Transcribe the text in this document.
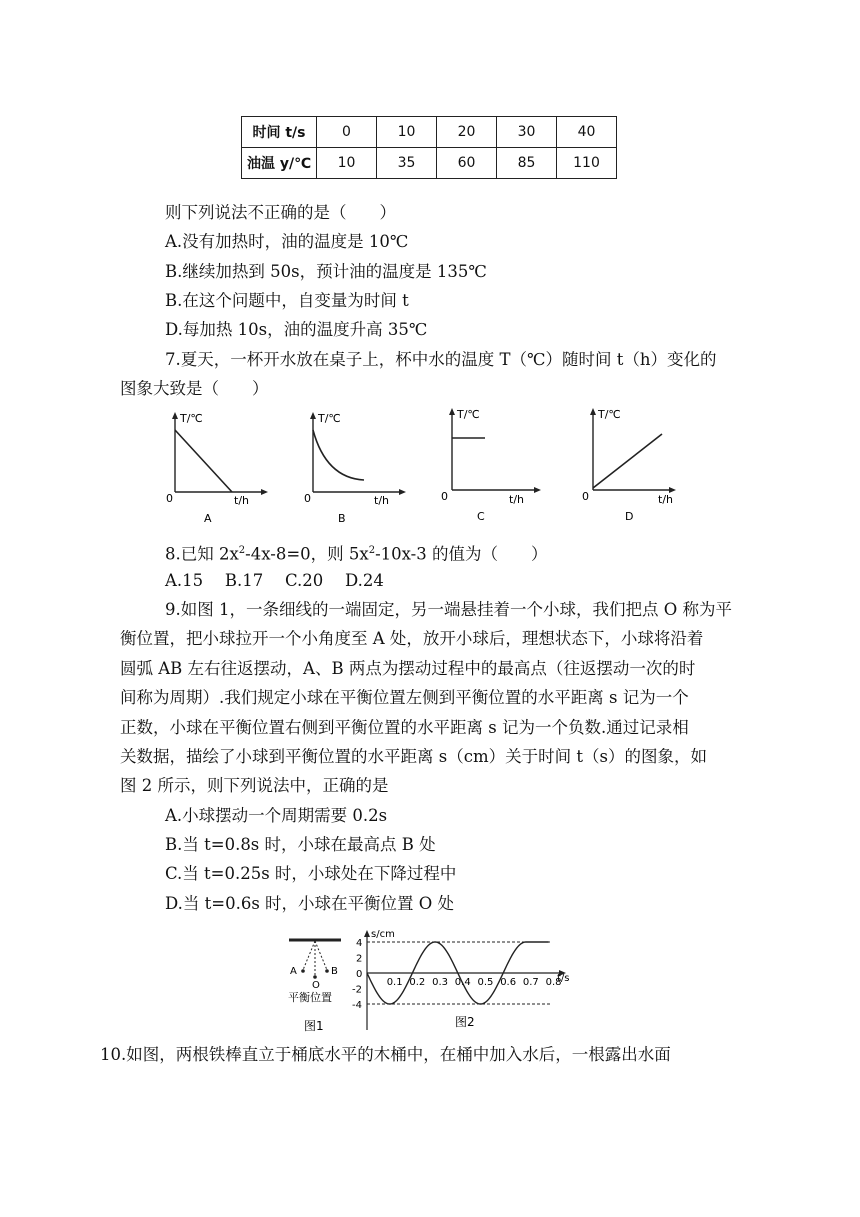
时间 t/s	0	10	20	30	40
油温 y/℃	10	35	60	85	110
则下列说法不正确的是（　　）
A.没有加热时，油的温度是 10℃
B.继续加热到 50s，预计油的温度是 135℃
B.在这个问题中，自变量为时间 t
D.每加热 10s，油的温度升高 35℃
7.夏天，一杯开水放在桌子上，杯中水的温度 T（℃）随时间 t（h）变化的
图象大致是（　　）
T/℃
t/h
0
A
T/℃
t/h
0
B
T/℃
t/h
0
C
T/℃
t/h
0
D
8.已知 $2x^2-4x-8=0$，则 $5x^2-10x-3$ 的值为（　　）
A.15　 B.17　 C.20　 D.24
9.如图 1，一条细线的一端固定，另一端悬挂着一个小球，我们把点 O 称为平
衡位置，把小球拉开一个小角度至 A 处，放开小球后，理想状态下，小球将沿着
圆弧 AB 左右往返摆动，A、B 两点为摆动过程中的最高点（往返摆动一次的时
间称为周期）.我们规定小球在平衡位置左侧到平衡位置的水平距离 s 记为一个
正数，小球在平衡位置右侧到平衡位置的水平距离 s 记为一个负数.通过记录相
关数据，描绘了小球到平衡位置的水平距离 s（cm）关于时间 t（s）的图象，如
图 2 所示，则下列说法中，正确的是
A.小球摆动一个周期需要 0.2s
B.当 t=0.8s 时，小球在最高点 B 处
C.当 t=0.25s 时，小球处在下降过程中
D.当 t=0.6s 时，小球在平衡位置 O 处
A	B
O
平衡位置
图1
0.1 0.2 0.3 0.4 0.5 0.6 0.7 0.8
4
2
0
-2
-4
s/cm
t/s
图2
10.如图，两根铁棒直立于桶底水平的木桶中，在桶中加入水后，一根露出水面
